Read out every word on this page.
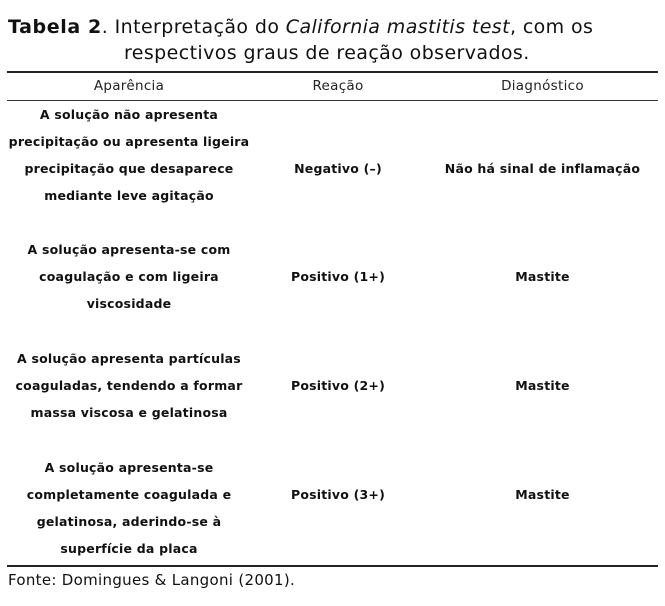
Tabela 2. Interpretação do California mastitis test, com os
respectivos graus de reação observados.
Aparência	Reação	Diagnóstico
A solução não apresenta
precipitação ou apresenta ligeira
precipitação que desaparece
mediante leve agitação
Negativo (–)	Não há sinal de inflamação
A solução apresenta-se com
coagulação e com ligeira
viscosidade
Positivo (1+)	Mastite
A solução apresenta partículas
coaguladas, tendendo a formar
massa viscosa e gelatinosa
Positivo (2+)	Mastite
A solução apresenta-se
completamente coagulada e
gelatinosa, aderindo-se à
superfície da placa
Positivo (3+)	Mastite
Fonte: Domingues & Langoni (2001).
